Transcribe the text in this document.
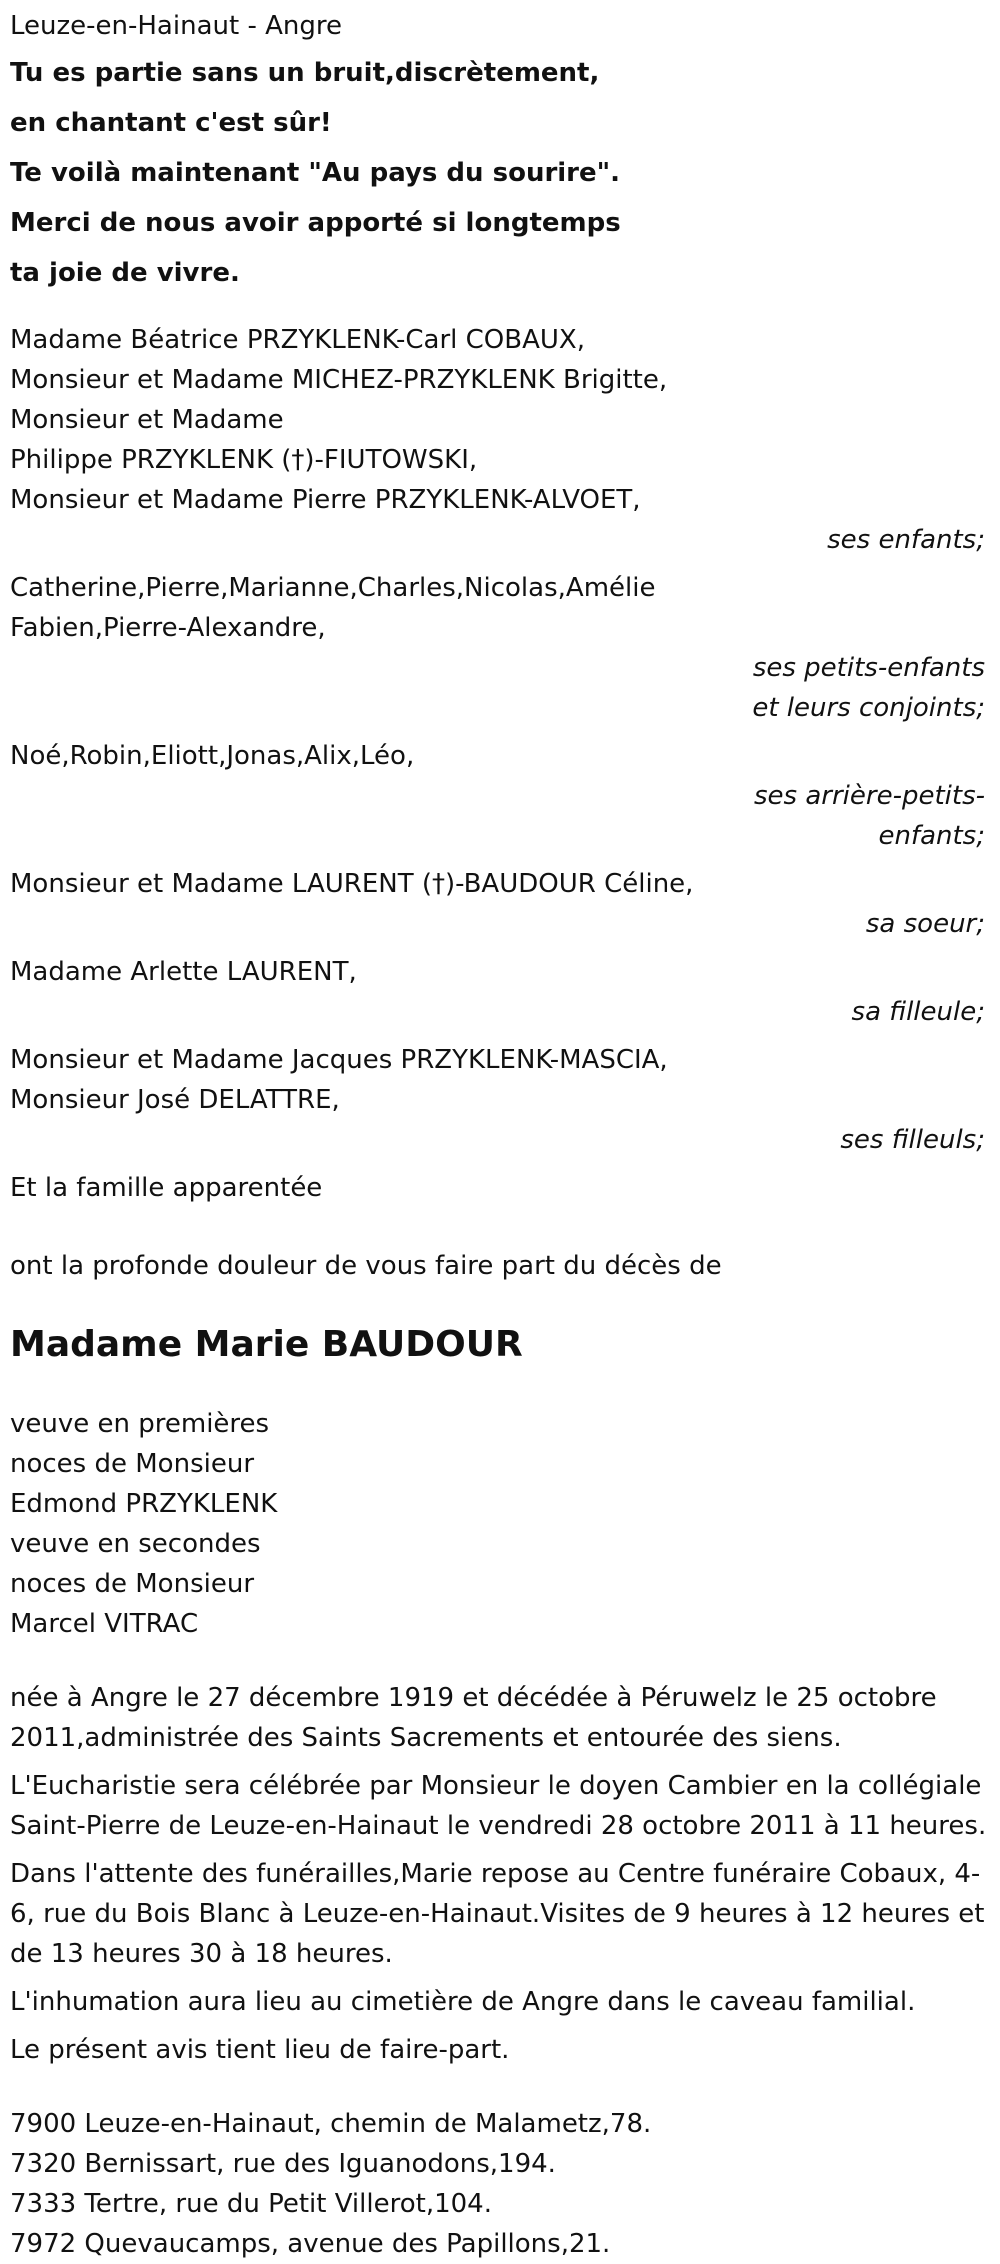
Leuze-en-Hainaut - Angre
Tu es partie sans un bruit,discrètement,
en chantant c'est sûr!
Te voilà maintenant "Au pays du sourire".
Merci de nous avoir apporté si longtemps
ta joie de vivre.
Madame Béatrice PRZYKLENK-Carl COBAUX,
Monsieur et Madame MICHEZ-PRZYKLENK Brigitte,
Monsieur et Madame
Philippe PRZYKLENK (†)-FIUTOWSKI,
Monsieur et Madame Pierre PRZYKLENK-ALVOET,
ses enfants;
Catherine,Pierre,Marianne,Charles,Nicolas,Amélie
Fabien,Pierre-Alexandre,
ses petits-enfants
et leurs conjoints;
Noé,Robin,Eliott,Jonas,Alix,Léo,
ses arrière-petits-
enfants;
Monsieur et Madame LAURENT (†)-BAUDOUR Céline,
sa soeur;
Madame Arlette LAURENT,
sa filleule;
Monsieur et Madame Jacques PRZYKLENK-MASCIA,
Monsieur José DELATTRE,
ses filleuls;
Et la famille apparentée
ont la profonde douleur de vous faire part du décès de
Madame Marie BAUDOUR
veuve en premières
noces de Monsieur
Edmond PRZYKLENK
veuve en secondes
noces de Monsieur
Marcel VITRAC
née à Angre le 27 décembre 1919 et décédée à Péruwelz le 25 octobre 2011,administrée des Saints Sacrements et entourée des siens.
L'Eucharistie sera célébrée par Monsieur le doyen Cambier en la collégiale Saint-Pierre de Leuze-en-Hainaut le vendredi 28 octobre 2011 à 11 heures.
Dans l'attente des funérailles,Marie repose au Centre funéraire Cobaux, 4-6, rue du Bois Blanc à Leuze-en-Hainaut.Visites de 9 heures à 12 heures et de 13 heures 30 à 18 heures.
L'inhumation aura lieu au cimetière de Angre dans le caveau familial.
Le présent avis tient lieu de faire-part.
7900 Leuze-en-Hainaut, chemin de Malametz,78.
7320 Bernissart, rue des Iguanodons,194.
7333 Tertre, rue du Petit Villerot,104.
7972 Quevaucamps, avenue des Papillons,21.
